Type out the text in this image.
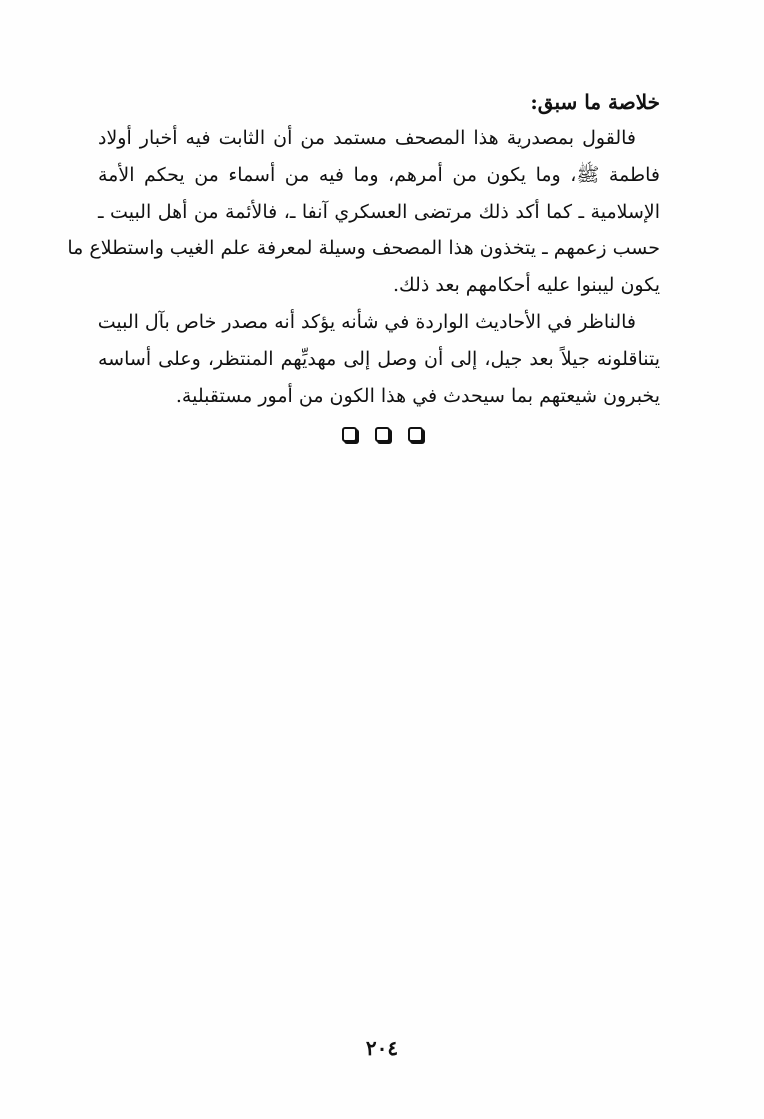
خلاصة ما سبق:

فالقول بمصدرية هذا المصحف مستمد من أن الثابت فيه أخبار أولاد
فاطمة ﷺ، وما يكون من أمرهم، وما فيه من أسماء من يحكم الأمة
الإسلامية ـ كما أكد ذلك مرتضى العسكري آنفا ـ، فالأئمة من أهل البيت ـ
حسب زعمهم ـ يتخذون هذا المصحف وسيلة لمعرفة علم الغيب واستطلاع ما
يكون ليبنوا عليه أحكامهم بعد ذلك.

فالناظر في الأحاديث الواردة في شأنه يؤكد أنه مصدر خاص بآل البيت
يتناقلونه جيلاً بعد جيل، إلى أن وصل إلى مهديِّهم المنتظر، وعلى أساسه
يخبرون شيعتهم بما سيحدث في هذا الكون من أمور مستقبلية.

٢٠٤
